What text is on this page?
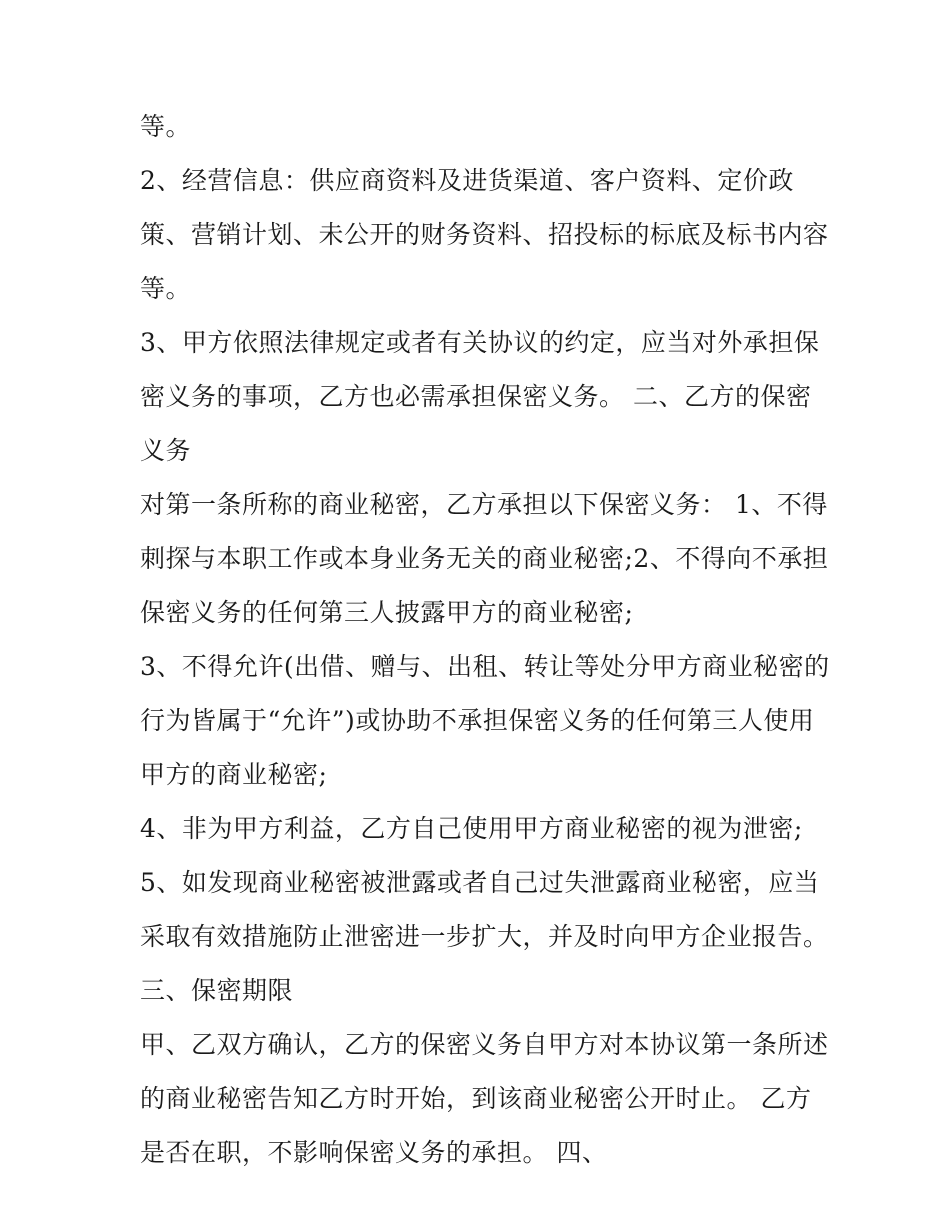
等。
2、经营信息：供应商资料及进货渠道、客户资料、定价政
策、营销计划、未公开的财务资料、招投标的标底及标书内容
等。
3、甲方依照法律规定或者有关协议的约定，应当对外承担保
密义务的事项，乙方也必需承担保密义务。 二、乙方的保密
义务
对第一条所称的商业秘密，乙方承担以下保密义务： 1、不得
刺探与本职工作或本身业务无关的商业秘密;2、不得向不承担
保密义务的任何第三人披露甲方的商业秘密;
3、不得允许(出借、赠与、出租、转让等处分甲方商业秘密的
行为皆属于“允许”)或协助不承担保密义务的任何第三人使用
甲方的商业秘密;
4、非为甲方利益，乙方自己使用甲方商业秘密的视为泄密;
5、如发现商业秘密被泄露或者自己过失泄露商业秘密，应当
采取有效措施防止泄密进一步扩大，并及时向甲方企业报告。
三、保密期限
甲、乙双方确认，乙方的保密义务自甲方对本协议第一条所述
的商业秘密告知乙方时开始，到该商业秘密公开时止。 乙方
是否在职，不影响保密义务的承担。 四、
